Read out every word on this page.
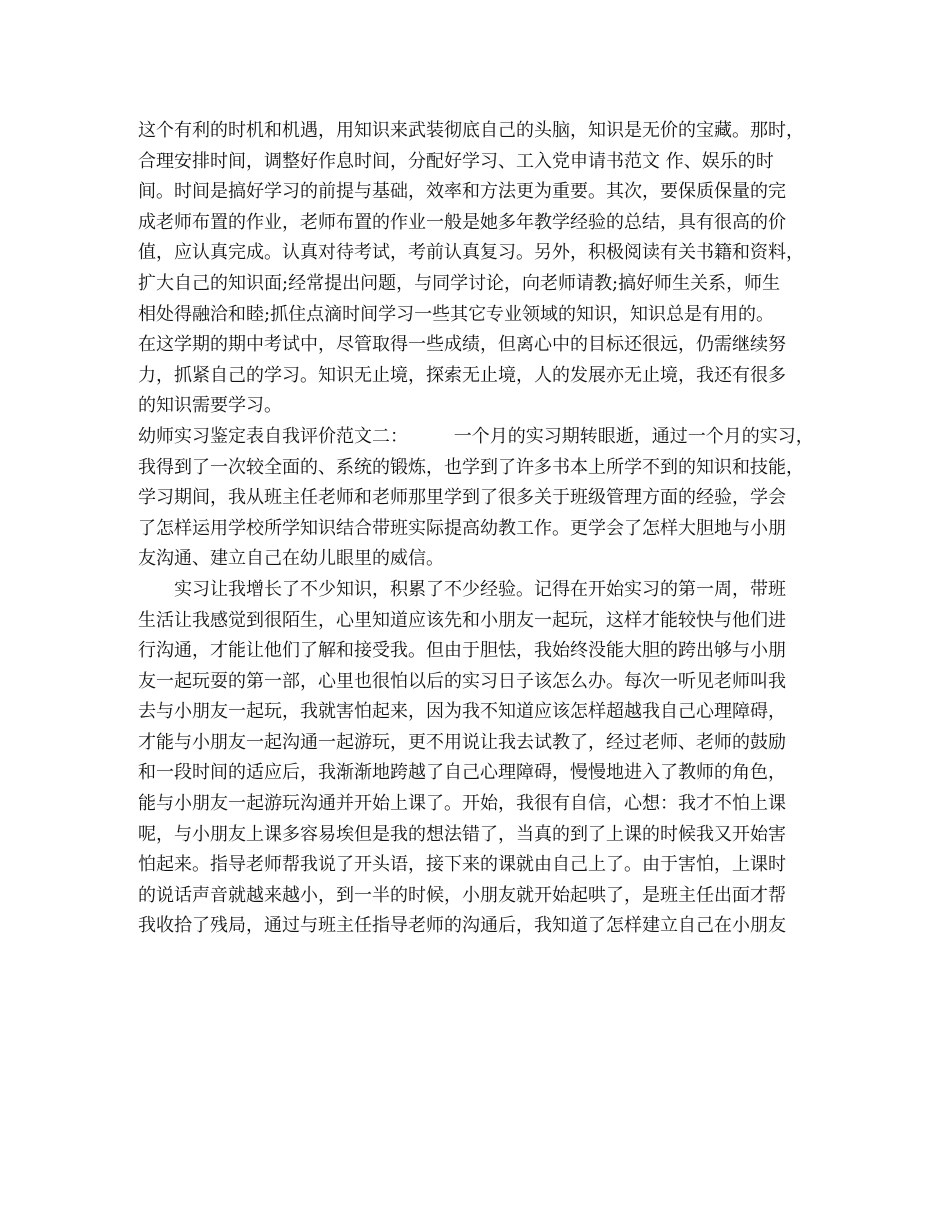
这个有利的时机和机遇，用知识来武装彻底自己的头脑，知识是无价的宝藏。那时，
合理安排时间，调整好作息时间，分配好学习、工入党申请书范文 作、娱乐的时
间。时间是搞好学习的前提与基础，效率和方法更为重要。其次，要保质保量的完
成老师布置的作业，老师布置的作业一般是她多年教学经验的总结，具有很高的价
值，应认真完成。认真对待考试，考前认真复习。另外，积极阅读有关书籍和资料，
扩大自己的知识面;经常提出问题，与同学讨论，向老师请教;搞好师生关系，师生
相处得融洽和睦;抓住点滴时间学习一些其它专业领域的知识，知识总是有用的。
在这学期的期中考试中，尽管取得一些成绩，但离心中的目标还很远，仍需继续努
力，抓紧自己的学习。知识无止境，探索无止境，人的发展亦无止境，我还有很多
的知识需要学习。
幼师实习鉴定表自我评价范文二：        一个月的实习期转眼逝，通过一个月的实习，
我得到了一次较全面的、系统的锻炼，也学到了许多书本上所学不到的知识和技能，
学习期间，我从班主任老师和老师那里学到了很多关于班级管理方面的经验，学会
了怎样运用学校所学知识结合带班实际提高幼教工作。更学会了怎样大胆地与小朋
友沟通、建立自己在幼儿眼里的威信。
实习让我增长了不少知识，积累了不少经验。记得在开始实习的第一周，带班
生活让我感觉到很陌生，心里知道应该先和小朋友一起玩，这样才能较快与他们进
行沟通，才能让他们了解和接受我。但由于胆怯，我始终没能大胆的跨出够与小朋
友一起玩耍的第一部，心里也很怕以后的实习日子该怎么办。每次一听见老师叫我
去与小朋友一起玩，我就害怕起来，因为我不知道应该怎样超越我自己心理障碍，
才能与小朋友一起沟通一起游玩，更不用说让我去试教了，经过老师、老师的鼓励
和一段时间的适应后，我渐渐地跨越了自己心理障碍，慢慢地进入了教师的角色，
能与小朋友一起游玩沟通并开始上课了。开始，我很有自信，心想：我才不怕上课
呢，与小朋友上课多容易埃但是我的想法错了，当真的到了上课的时候我又开始害
怕起来。指导老师帮我说了开头语，接下来的课就由自己上了。由于害怕，上课时
的说话声音就越来越小，到一半的时候，小朋友就开始起哄了，是班主任出面才帮
我收拾了残局，通过与班主任指导老师的沟通后，我知道了怎样建立自己在小朋友
